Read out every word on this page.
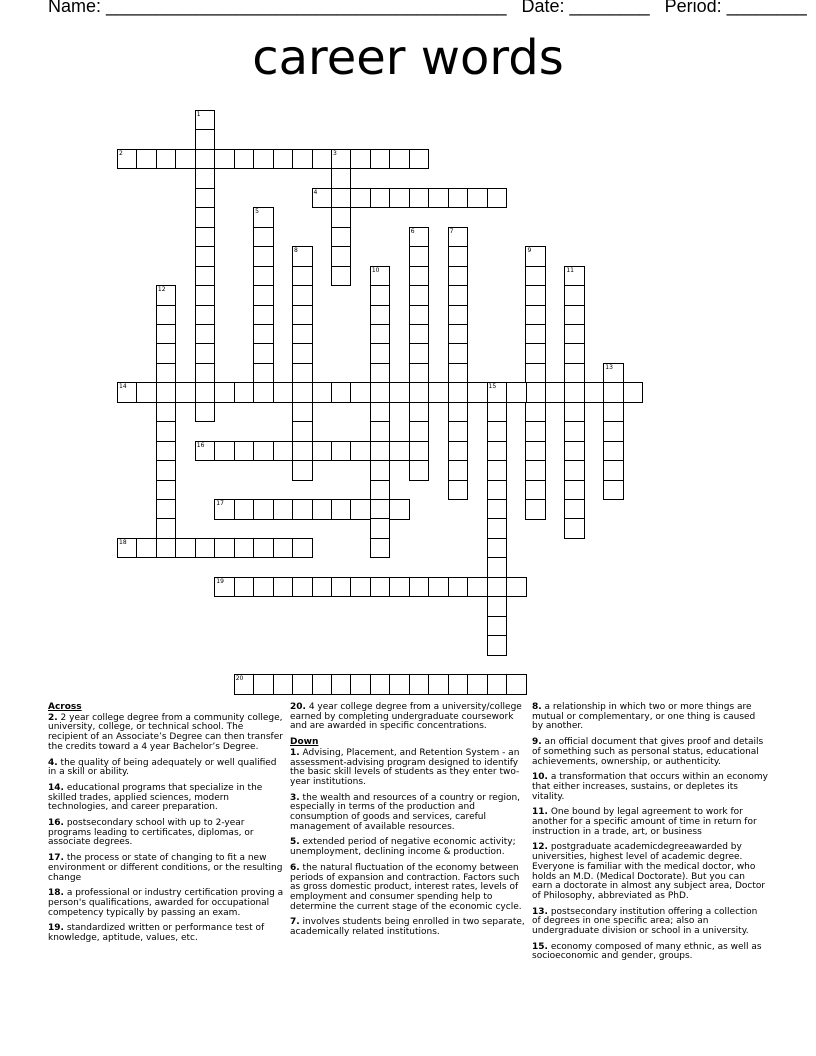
Name: ________________________________________ Date: ________ Period: ________
career words
1
2	3
4
5
6	7
8	9
10	11
12
13
14	15
16
17
18
19
20
Across
2. 2 year college degree from a community college, university, college, or technical school. The recipient of an Associate’s Degree can then transfer the credits toward a 4 year Bachelor’s Degree.
4. the quality of being adequately or well qualified in a skill or ability.
14. educational programs that specialize in the skilled trades, applied sciences, modern technologies, and career preparation.
16. postsecondary school with up to 2-year programs leading to certificates, diplomas, or associate degrees.
17. the process or state of changing to fit a new environment or different conditions, or the resulting change
18. a professional or industry certification proving a person's qualifications, awarded for occupational competency typically by passing an exam.
19. standardized written or performance test of knowledge, aptitude, values, etc.
20. 4 year college degree from a university/college earned by completing undergraduate coursework and are awarded in specific concentrations.
Down
1. Advising, Placement, and Retention System - an assessment-advising program designed to identify the basic skill levels of students as they enter two-year institutions.
3. the wealth and resources of a country or region, especially in terms of the production and consumption of goods and services, careful management of available resources.
5. extended period of negative economic activity; unemployment, declining income & production.
6. the natural fluctuation of the economy between periods of expansion and contraction. Factors such as gross domestic product, interest rates, levels of employment and consumer spending help to determine the current stage of the economic cycle.
7. involves students being enrolled in two separate, academically related institutions.
8. a relationship in which two or more things are mutual or complementary, or one thing is caused by another.
9. an official document that gives proof and details of something such as personal status, educational achievements, ownership, or authenticity.
10. a transformation that occurs within an economy that either increases, sustains, or depletes its vitality.
11. One bound by legal agreement to work for another for a specific amount of time in return for instruction in a trade, art, or business
12. postgraduate academicdegreeawarded by universities, highest level of academic degree. Everyone is familiar with the medical doctor, who holds an M.D. (Medical Doctorate). But you can earn a doctorate in almost any subject area, Doctor of Philosophy, abbreviated as PhD.
13. postsecondary institution offering a collection of degrees in one specific area; also an undergraduate division or school in a university.
15. economy composed of many ethnic, as well as socioeconomic and gender, groups.
